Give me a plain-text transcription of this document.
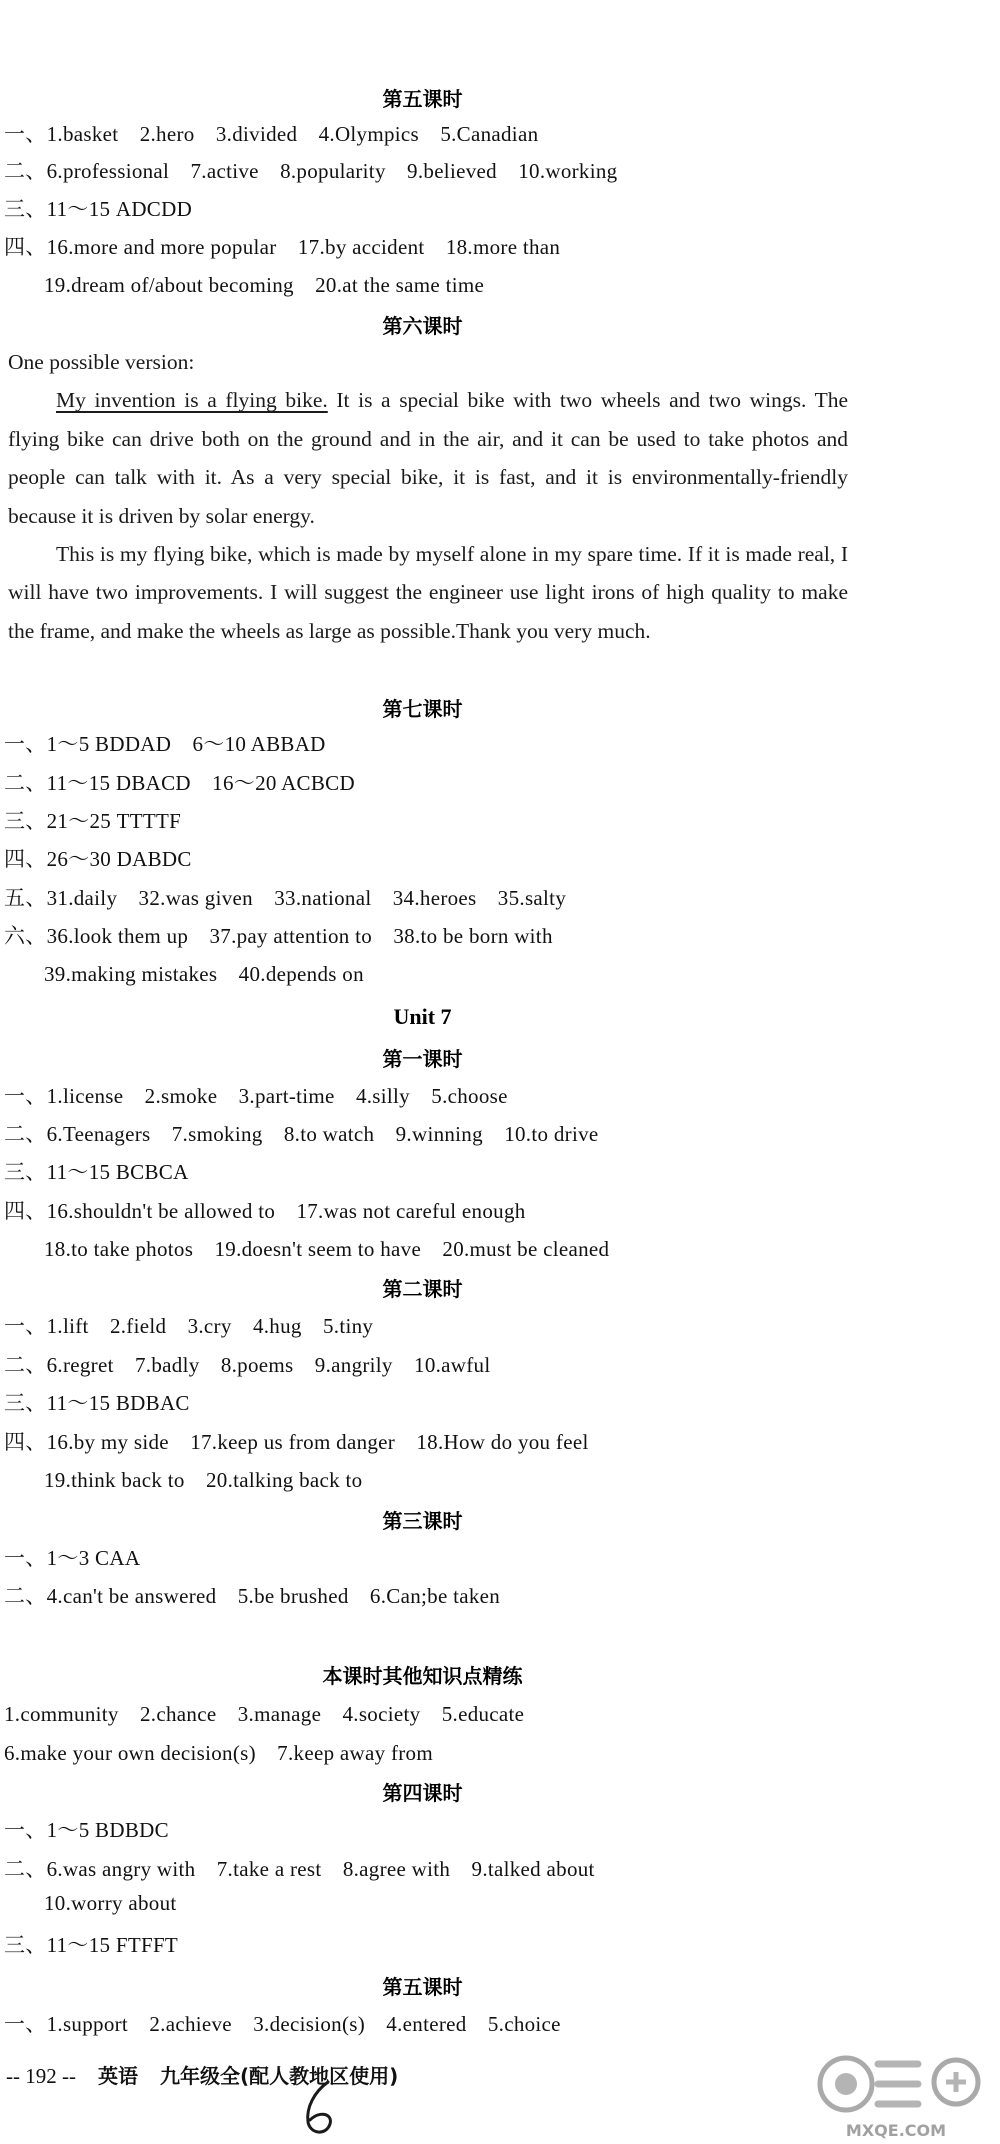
第五课时
一、1.basket　2.hero　3.divided　4.Olympics　5.Canadian
二、6.professional　7.active　8.popularity　9.believed　10.working
三、11～15 ADCDD
四、16.more and more popular　17.by accident　18.more than
19.dream of/about becoming　20.at the same time
第六课时

One possible version:

My invention is a flying bike. It is a special bike with two wheels and two wings. The flying bike can drive both on the ground and in the air, and it can be used to take photos and people can talk with it. As a very special bike, it is fast, and it is environmentally-friendly because it is driven by solar energy.

This is my flying bike, which is made by myself alone in my spare time. If it is made real, I will have two improvements. I will suggest the engineer use light irons of high quality to make the frame, and make the wheels as large as possible.Thank you very much.

第七课时
一、1～5 BDDAD　6～10 ABBAD
二、11～15 DBACD　16～20 ACBCD
三、21～25 TTTTF
四、26～30 DABDC
五、31.daily　32.was given　33.national　34.heroes　35.salty
六、36.look them up　37.pay attention to　38.to be born with
39.making mistakes　40.depends on
Unit 7
第一课时
一、1.license　2.smoke　3.part-time　4.silly　5.choose
二、6.Teenagers　7.smoking　8.to watch　9.winning　10.to drive
三、11～15 BCBCA
四、16.shouldn't be allowed to　17.was not careful enough
18.to take photos　19.doesn't seem to have　20.must be cleaned
第二课时
一、1.lift　2.field　3.cry　4.hug　5.tiny
二、6.regret　7.badly　8.poems　9.angrily　10.awful
三、11～15 BDBAC
四、16.by my side　17.keep us from danger　18.How do you feel
19.think back to　20.talking back to
第三课时
一、1～3 CAA
二、4.can't be answered　5.be brushed　6.Can;be taken
本课时其他知识点精练
1.community　2.chance　3.manage　4.society　5.educate
6.make your own decision(s)　7.keep away from
第四课时
一、1～5 BDBDC
二、6.was angry with　7.take a rest　8.agree with　9.talked about
10.worry about
三、11～15 FTFFT
第五课时
一、1.support　2.achieve　3.decision(s)　4.entered　5.choice
-- 192 -- 英语 九年级全(配人教地区使用)
MXQE.COM
